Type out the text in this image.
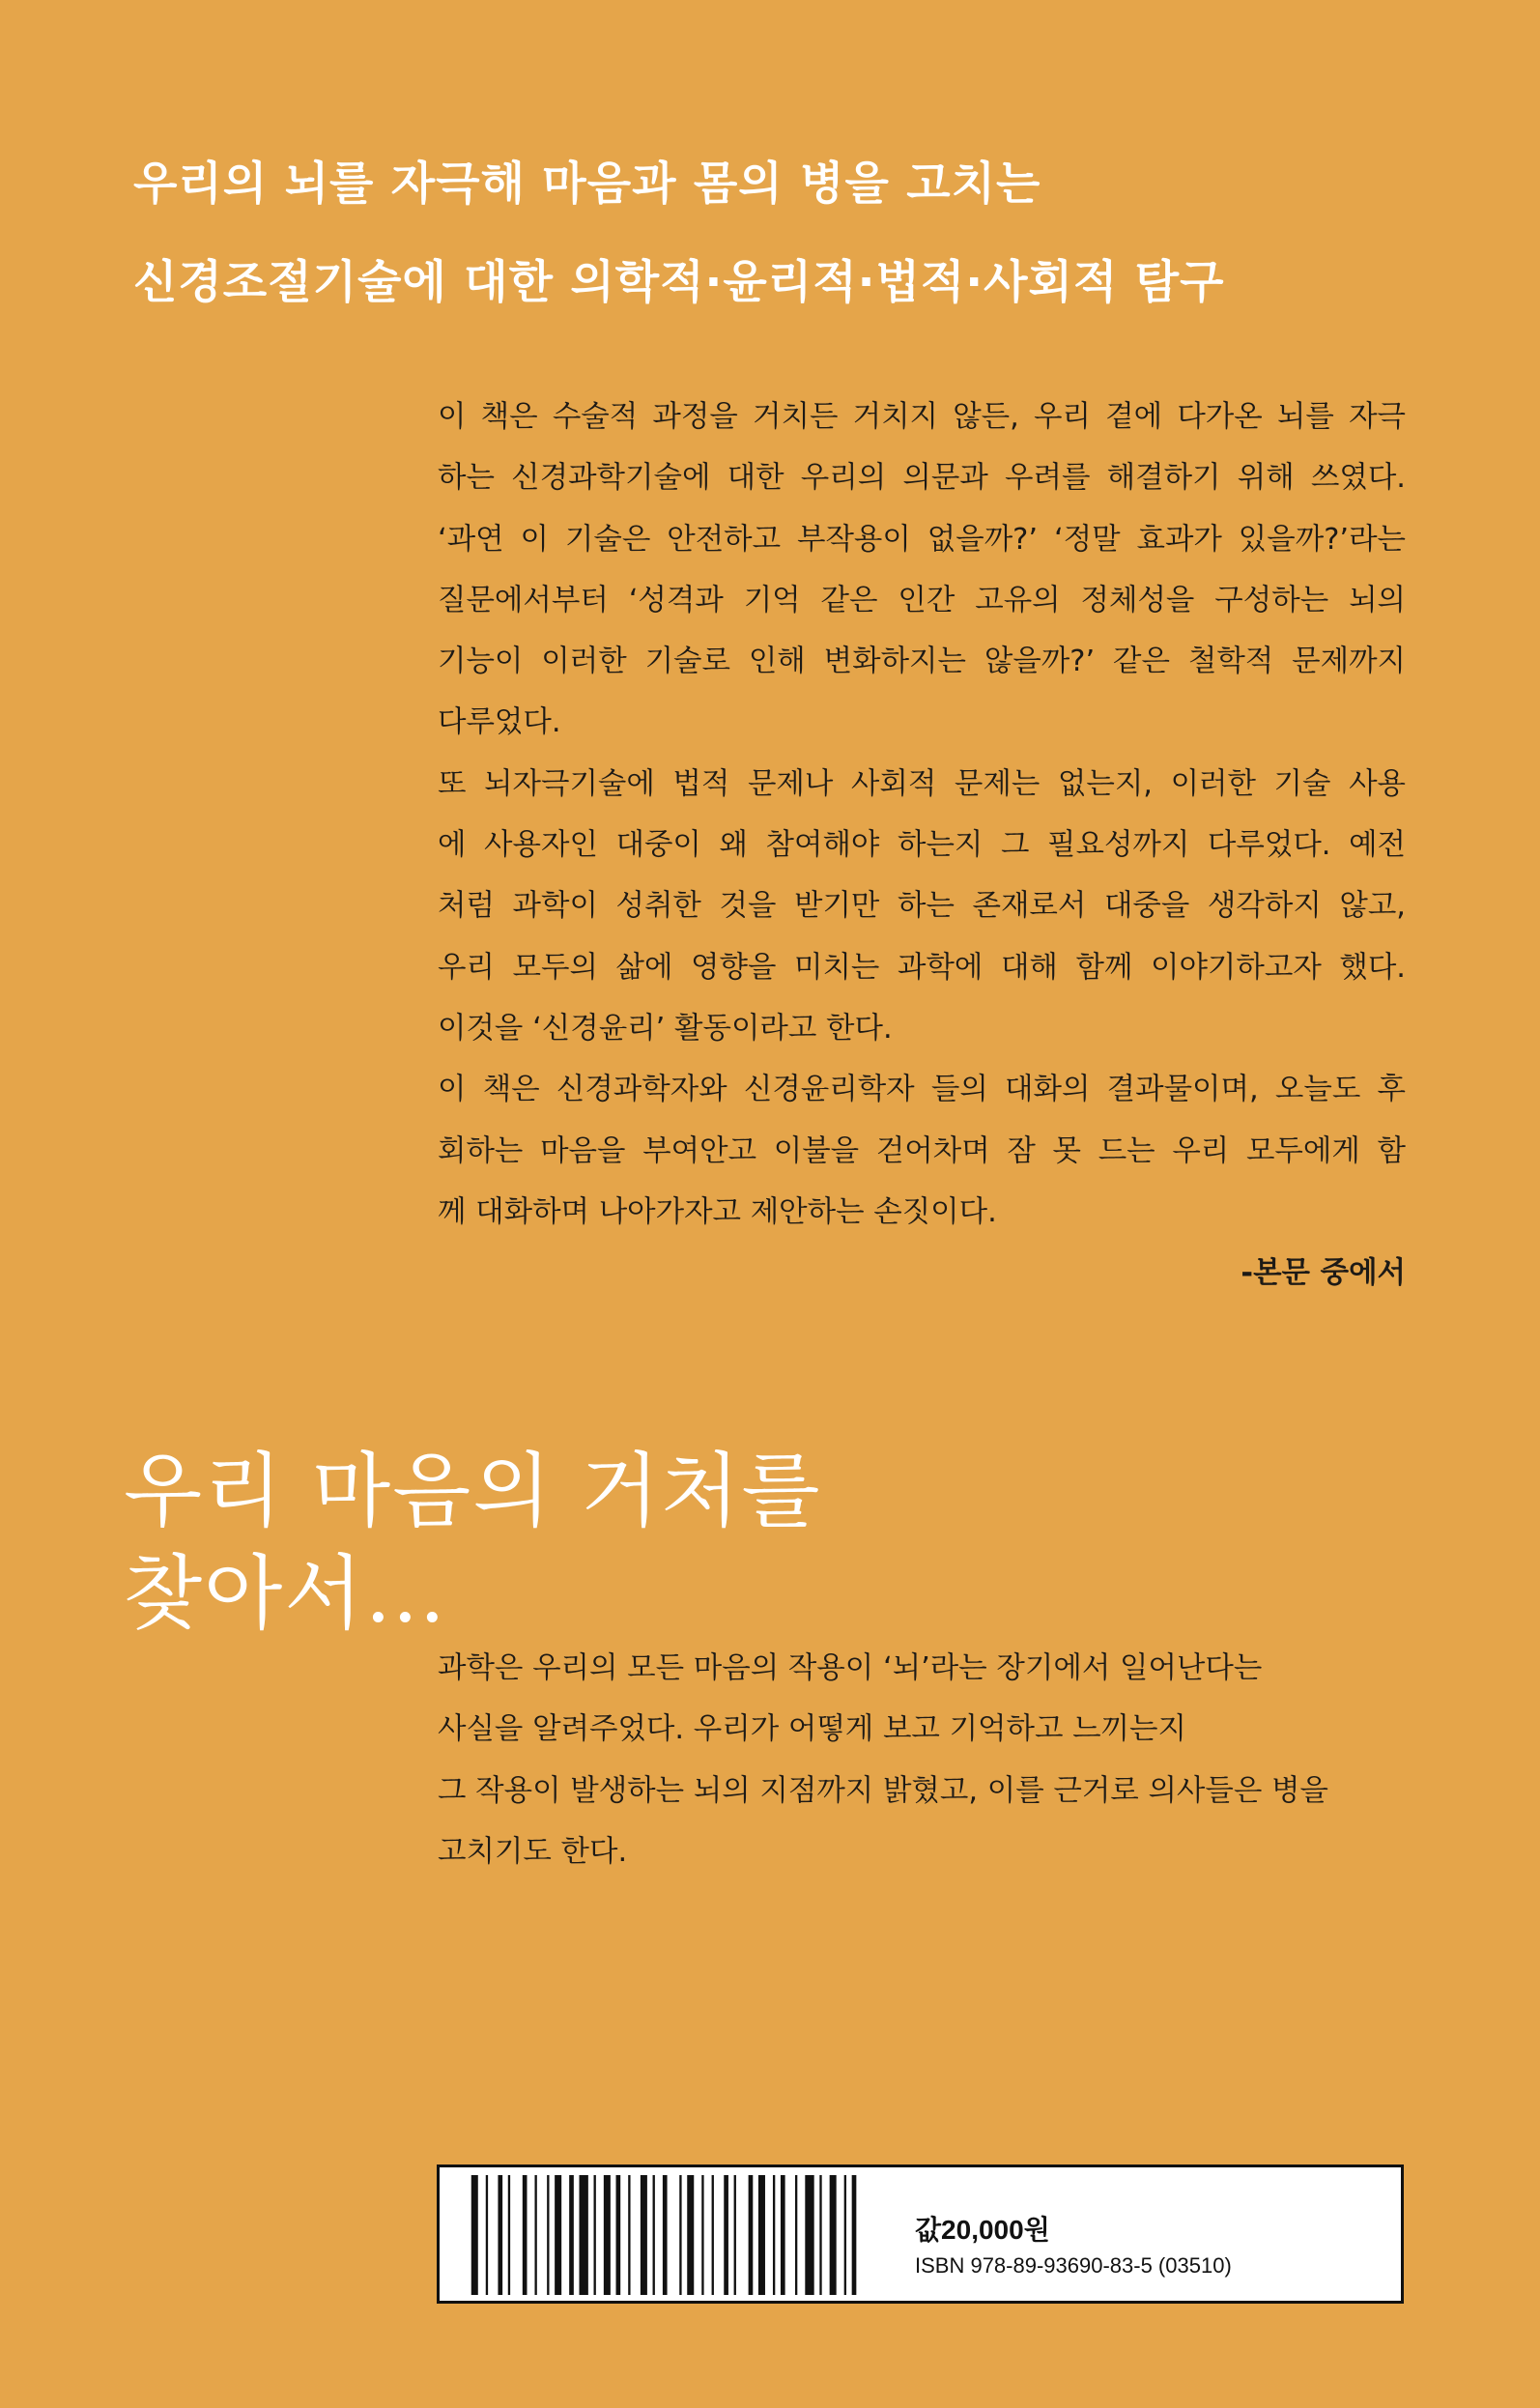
우리의 뇌를 자극해 마음과 몸의 병을 고치는
신경조절기술에 대한 의학적·윤리적·법적·사회적 탐구
이 책은 수술적 과정을 거치든 거치지 않든, 우리 곁에 다가온 뇌를 자극
하는 신경과학기술에 대한 우리의 의문과 우려를 해결하기 위해 쓰였다.
‘과연 이 기술은 안전하고 부작용이 없을까?’ ‘정말 효과가 있을까?’라는
질문에서부터 ‘성격과 기억 같은 인간 고유의 정체성을 구성하는 뇌의
기능이 이러한 기술로 인해 변화하지는 않을까?’ 같은 철학적 문제까지
다루었다.
또 뇌자극기술에 법적 문제나 사회적 문제는 없는지, 이러한 기술 사용
에 사용자인 대중이 왜 참여해야 하는지 그 필요성까지 다루었다. 예전
처럼 과학이 성취한 것을 받기만 하는 존재로서 대중을 생각하지 않고,
우리 모두의 삶에 영향을 미치는 과학에 대해 함께 이야기하고자 했다.
이것을 ‘신경윤리’ 활동이라고 한다.
이 책은 신경과학자와 신경윤리학자 들의 대화의 결과물이며, 오늘도 후
회하는 마음을 부여안고 이불을 걷어차며 잠 못 드는 우리 모두에게 함
께 대화하며 나아가자고 제안하는 손짓이다.
-본문 중에서
우리 마음의 거처를
찾아서…
과학은 우리의 모든 마음의 작용이 ‘뇌’라는 장기에서 일어난다는
사실을 알려주었다. 우리가 어떻게 보고 기억하고 느끼는지
그 작용이 발생하는 뇌의 지점까지 밝혔고, 이를 근거로 의사들은 병을
고치기도 한다.
값20,000원
ISBN 978-89-93690-83-5 (03510)
